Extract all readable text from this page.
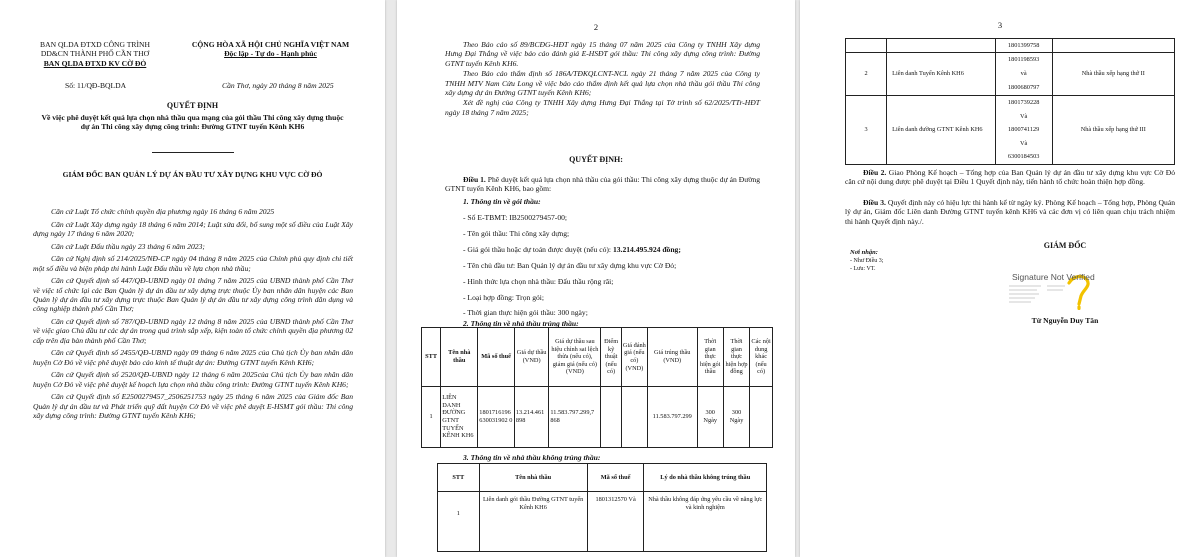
BAN QLDA ĐTXD CÔNG TRÌNH
DD&CN THÀNH PHỐ CẦN THƠ
BAN QLDA ĐTXD KV CỜ ĐỎ
CỘNG HÒA XÃ HỘI CHỦ NGHĨA VIỆT NAM
Độc lập - Tự do - Hạnh phúc
Số: 11/QĐ-BQLDA	Cần Thơ, ngày 20 tháng 8 năm 2025
QUYẾT ĐỊNH
Về việc phê duyệt kết quả lựa chọn nhà thầu qua mạng của gói thầu Thi công xây dựng thuộc dự án Thi công xây dựng công trình: Đường GTNT tuyến Kênh KH6
GIÁM ĐỐC BAN QUẢN LÝ DỰ ÁN ĐẦU TƯ XÂY DỰNG KHU VỰC CỜ ĐỎ

Căn cứ Luật Tổ chức chính quyền địa phương ngày 16 tháng 6 năm 2025

Căn cứ Luật Xây dựng ngày 18 tháng 6 năm 2014; Luật sửa đổi, bổ sung một số điều của Luật Xây dựng ngày 17 tháng 6 năm 2020;

Căn cứ Luật Đấu thầu ngày 23 tháng 6 năm 2023;

Căn cứ Nghị định số 214/2025/NĐ-CP ngày 04 tháng 8 năm 2025 của Chính phủ quy định chi tiết một số điều và biện pháp thi hành Luật Đấu thầu về lựa chọn nhà thầu;

Căn cứ Quyết định số 447/QĐ-UBND ngày 01 tháng 7 năm 2025 của UBND thành phố Cần Thơ về việc tổ chức lại các Ban Quản lý dự án đầu tư xây dựng trực thuộc Ủy ban nhân dân huyện các Ban Quản lý dự án đầu tư xây dựng trực thuộc Ban Quản lý dự án đầu tư xây dựng công trình dân dụng và công nghiệp thành phố Cần Thơ;

Căn cứ Quyết định số 787/QĐ-UBND ngày 12 tháng 8 năm 2025 của UBND thành phố Cần Thơ về việc giao Chủ đầu tư các dự án trong quá trình sắp xếp, kiện toàn tổ chức chính quyền địa phương 02 cấp trên địa bàn thành phố Cần Thơ;

Căn cứ Quyết định số 2455/QĐ-UBND ngày 09 tháng 6 năm 2025 của Chủ tịch Ủy ban nhân dân huyện Cờ Đỏ về việc phê duyệt báo cáo kinh tế thuật dự án: Đường GTNT tuyến Kênh KH6;

Căn cứ Quyết định số 2520/QĐ-UBND ngày 12 tháng 6 năm 2025của Chủ tịch Ủy ban nhân dân huyện Cờ Đỏ về việc phê duyệt kế hoạch lựa chọn nhà thầu công trình: Đường GTNT tuyến Kênh KH6;

Căn cứ Quyết định số E2500279457_2506251753 ngày 25 tháng 6 năm 2025 của Giám đốc Ban Quản lý dự án đầu tư và Phát triển quỹ đất huyện Cờ Đỏ về việc phê duyệt E-HSMT gói thầu: Thi công xây dựng công trình: Đường GTNT tuyến Kênh KH6;

2

Theo Báo cáo số 89/BCĐG-HĐT ngày 15 tháng 07 năm 2025 của Công ty TNHH Xây dựng Hưng Đại Thắng về việc báo cáo đánh giá E-HSĐT gói thầu: Thi công xây dựng công trình: Đường GTNT tuyến Kênh KH6.

Theo Báo cáo thẩm định số 186A/TĐKQLCNT-NCL ngày 21 tháng 7 năm 2025 của Công ty TNHH MTV Nam Cửu Long về việc báo cáo thẩm định kết quả lựa chọn nhà thầu gói thầu Thi công xây dựng dự án Đường GTNT tuyến Kênh KH6;

Xét đề nghị của Công ty TNHH Xây dựng Hưng Đại Thắng tại Tờ trình số 62/2025/TTr-HĐT ngày 18 tháng 7 năm 2025;

QUYẾT ĐỊNH:
Điều 1. Phê duyệt kết quả lựa chọn nhà thầu của gói thầu: Thi công xây dựng thuộc dự án Đường GTNT tuyến Kênh KH6, bao gồm:
1. Thông tin về gói thầu:
- Số E-TBMT: IB2500279457-00;
- Tên gói thầu: Thi công xây dựng;
- Giá gói thầu hoặc dự toán được duyệt (nếu có): 13.214.495.924 đồng;
- Tên chủ đầu tư: Ban Quản lý dự án đầu tư xây dựng khu vực Cờ Đỏ;
- Hình thức lựa chọn nhà thầu: Đấu thầu rộng rãi;
- Loại hợp đồng: Trọn gói;
- Thời gian thực hiện gói thầu: 300 ngày;
2. Thông tin về nhà thầu trúng thầu:
STT	Tên nhà thầu	Mã số thuế	Giá dự thầu (VND)	Giá dự thầu sau hiệu chỉnh sai lệch thừa (nếu có), giảm giá (nếu có) (VND)	Điểm kỹ thuật (nếu có)	Giá đánh giá (nếu có) (VND)	Giá trúng thầu (VND)	Thời gian thực hiện gói thầu	Thời gian thực hiện hợp đồng	Các nội dung khác (nếu có)
1	LIÊN DANH ĐƯỜNG GTNT TUYẾN KÊNH KH6	1801716196 630031902 0	13.214.461 898	11.583.797.299,7 868			11.583.797.299	300 Ngày	300 Ngày	
3. Thông tin về nhà thầu không trúng thầu:
STT	Tên nhà thầu	Mã số thuế	Lý do nhà thầu không trúng thầu
1	Liên danh gói thầu Đường GTNT tuyến Kênh KH6	1801312570 Và	Nhà thầu không đáp ứng yêu cầu về năng lực và kinh nghiệm
3
		1801399758	
2	Liên danh Tuyến Kênh KH6	1801198593
và
1800680797	Nhà thầu xếp hạng thứ II
3	Liên danh đường GTNT Kênh KH6	1801739228
Và
1800741129
Và
6300184503	Nhà thầu xếp hạng thứ III
Điều 2. Giao Phòng Kế hoạch – Tổng hợp của Ban Quản lý dự án đầu tư xây dựng khu vực Cờ Đỏ căn cứ nội dung được phê duyệt tại Điều 1 Quyết định này, tiến hành tổ chức hoàn thiện hợp đồng.
Điều 3. Quyết định này có hiệu lực thi hành kể từ ngày ký. Phòng Kế hoạch – Tổng hợp, Phòng Quản lý dự án, Giám đốc Liên danh Đường GTNT tuyến kênh KH6 và các đơn vị có liên quan chịu trách nhiệm thi hành Quyết định này./.
Nơi nhận:
- Như Điều 3;
- Lưu: VT.
GIÁM ĐỐC
Signature Not Verified
Từ Nguyễn Duy Tân
